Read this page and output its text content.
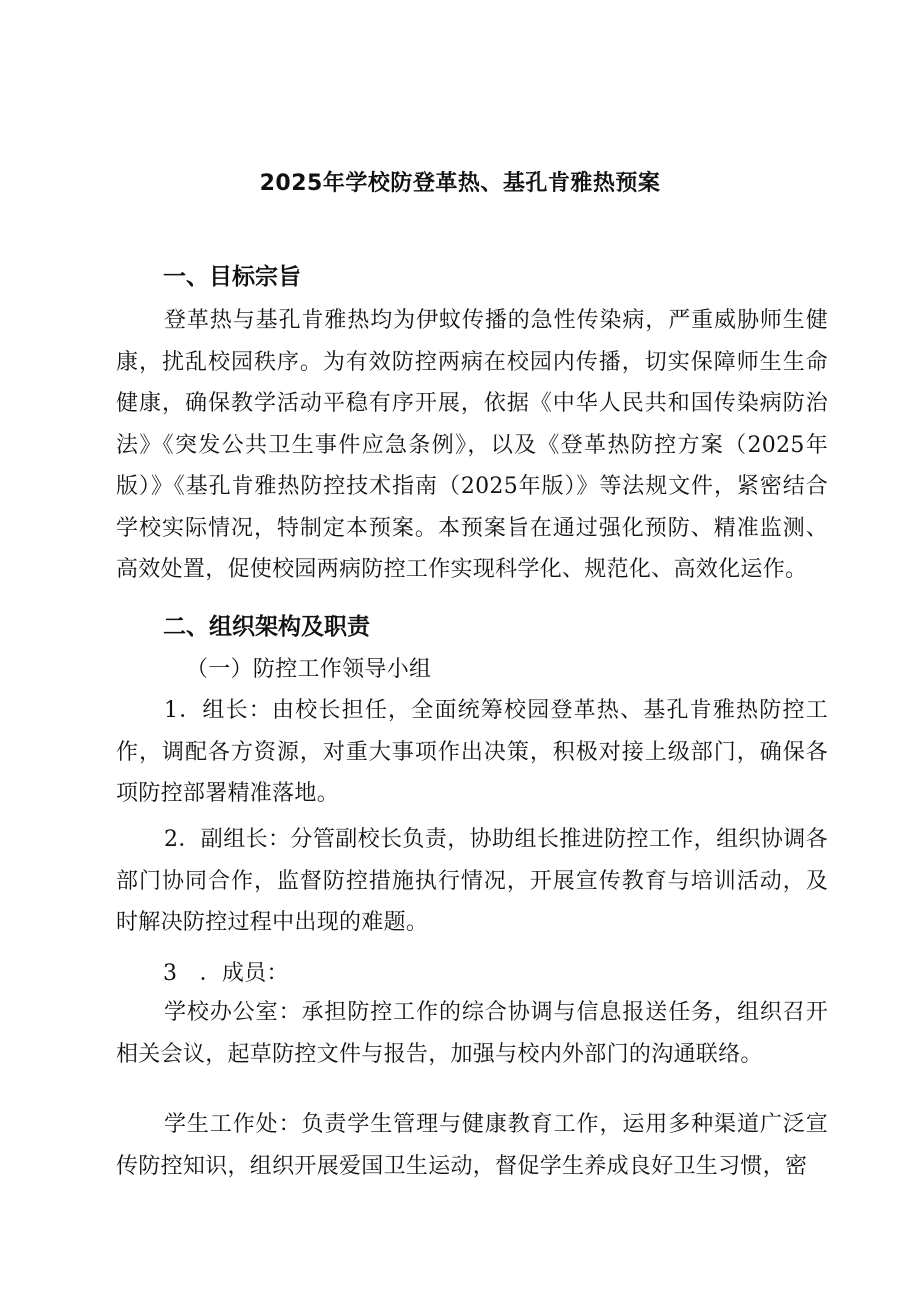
2025年学校防登革热、基孔肯雅热预案
一、目标宗旨
登革热与基孔肯雅热均为伊蚊传播的急性传染病，严重威胁师生健康，扰乱校园秩序。为有效防控两病在校园内传播，切实保障师生生命健康，确保教学活动平稳有序开展，依据《中华人民共和国传染病防治法》《突发公共卫生事件应急条例》，以及《登革热防控方案（2025年版）》《基孔肯雅热防控技术指南（2025年版）》等法规文件，紧密结合学校实际情况，特制定本预案。本预案旨在通过强化预防、精准监测、高效处置，促使校园两病防控工作实现科学化、规范化、高效化运作。
二、组织架构及职责
（一）防控工作领导小组
1．组长：由校长担任，全面统筹校园登革热、基孔肯雅热防控工作，调配各方资源，对重大事项作出决策，积极对接上级部门，确保各项防控部署精准落地。
2．副组长：分管副校长负责，协助组长推进防控工作，组织协调各部门协同合作，监督防控措施执行情况，开展宣传教育与培训活动，及时解决防控过程中出现的难题。
3　．成员：
学校办公室：承担防控工作的综合协调与信息报送任务，组织召开相关会议，起草防控文件与报告，加强与校内外部门的沟通联络。
学生工作处：负责学生管理与健康教育工作，运用多种渠道广泛宣传防控知识，组织开展爱国卫生运动，督促学生养成良好卫生习惯，密
